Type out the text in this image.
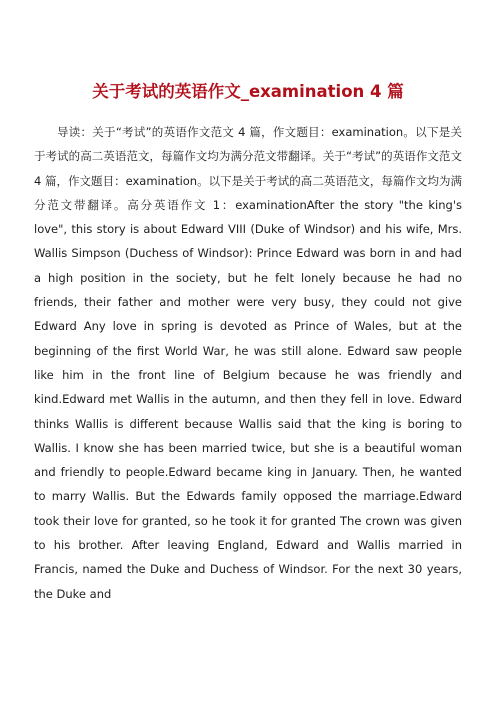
关于考试的英语作文_examination 4 篇

导读：关于“考试”的英语作文范文 4 篇，作文题目：examination。以下是关于考试的高二英语范文，每篇作文均为满分范文带翻译。关于“考试”的英语作文范文 4 篇，作文题目：examination。以下是关于考试的高二英语范文，每篇作文均为满分范文带翻译。高分英语作文 1：examinationAfter the story "the king's love", this story is about Edward VIII (Duke of Windsor) and his wife, Mrs. Wallis Simpson (Duchess of Windsor): Prince Edward was born in and had a high position in the society, but he felt lonely because he had no friends, their father and mother were very busy, they could not give Edward Any love in spring is devoted as Prince of Wales, but at the beginning of the first World War, he was still alone. Edward saw people like him in the front line of Belgium because he was friendly and kind.Edward met Wallis in the autumn, and then they fell in love. Edward thinks Wallis is different because Wallis said that the king is boring to Wallis. I know she has been married twice, but she is a beautiful woman and friendly to people.Edward became king in January. Then, he wanted to marry Wallis. But the Edwards family opposed the marriage.Edward took their love for granted, so he took it for granted The crown was given to his brother. After leaving England, Edward and Wallis married in Francis, named the Duke and Duchess of Windsor. For the next 30 years, the Duke and
